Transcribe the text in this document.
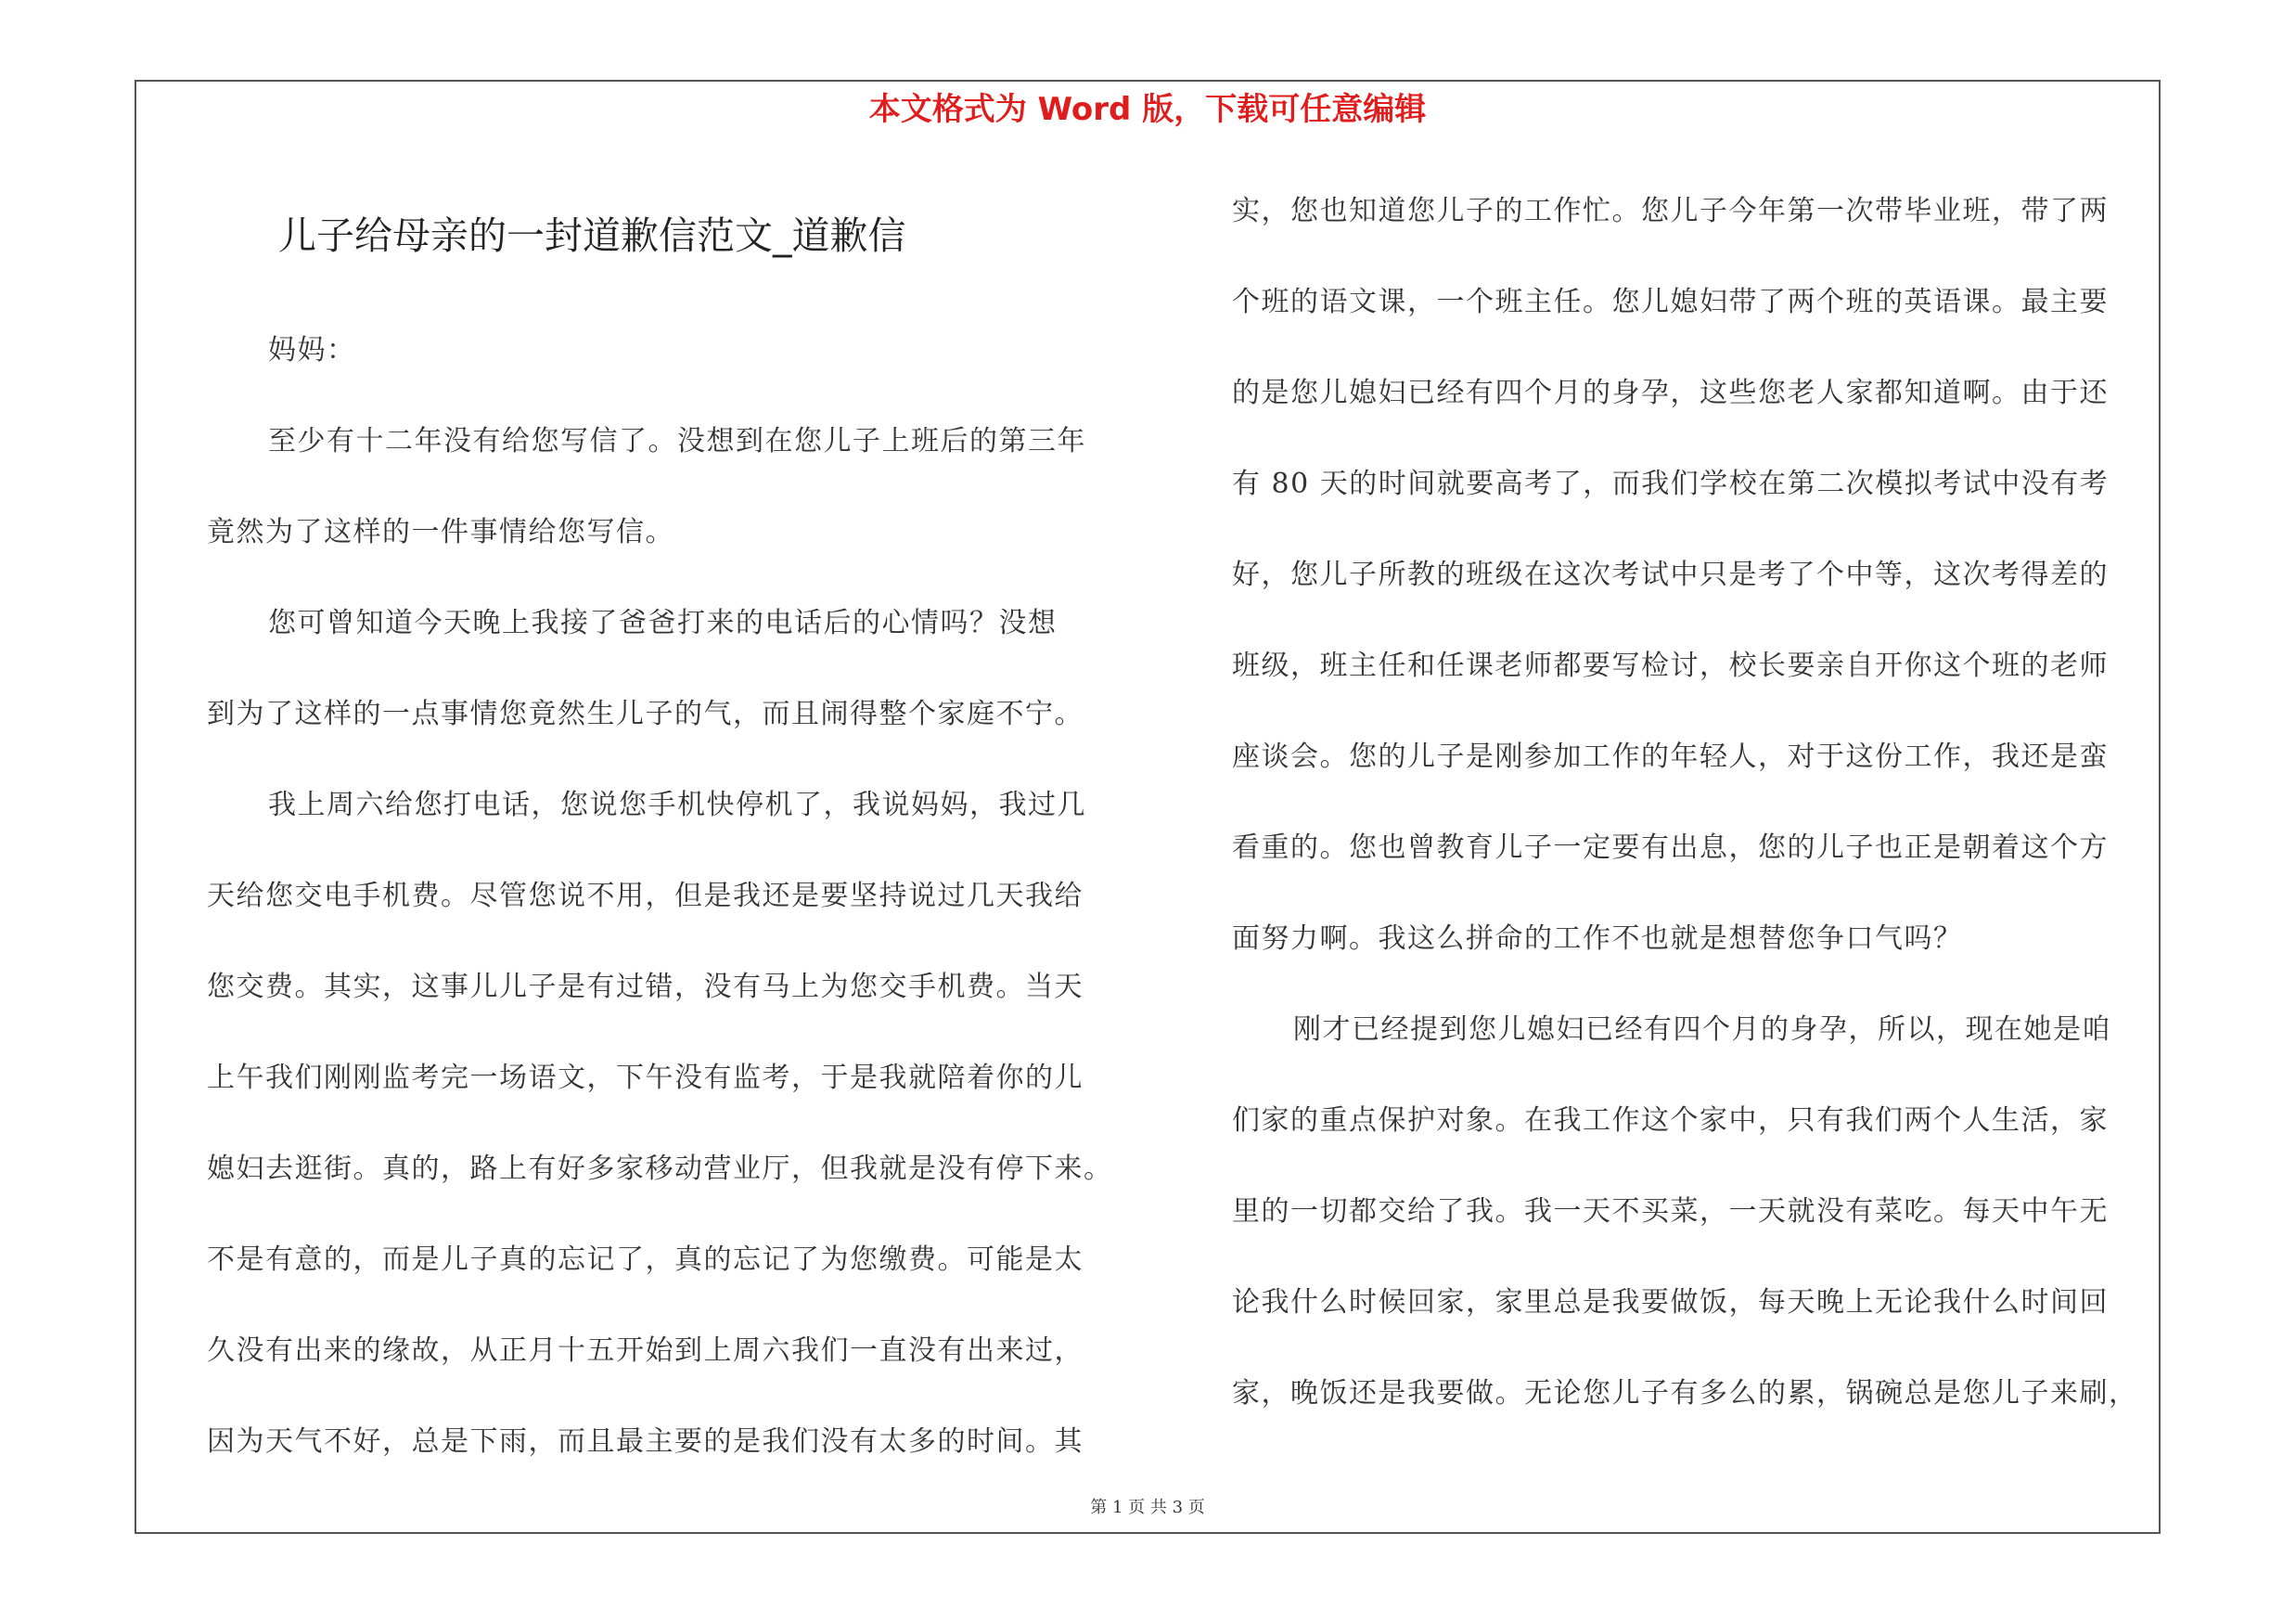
本文格式为 Word 版，下载可任意编辑
儿子给母亲的一封道歉信范文_道歉信
妈妈：
至少有十二年没有给您写信了。没想到在您儿子上班后的第三年
竟然为了这样的一件事情给您写信。
您可曾知道今天晚上我接了爸爸打来的电话后的心情吗？没想
到为了这样的一点事情您竟然生儿子的气，而且闹得整个家庭不宁。
我上周六给您打电话，您说您手机快停机了，我说妈妈，我过几
天给您交电手机费。尽管您说不用，但是我还是要坚持说过几天我给
您交费。其实，这事儿儿子是有过错，没有马上为您交手机费。当天
上午我们刚刚监考完一场语文，下午没有监考，于是我就陪着你的儿
媳妇去逛街。真的，路上有好多家移动营业厅，但我就是没有停下来。
不是有意的，而是儿子真的忘记了，真的忘记了为您缴费。可能是太
久没有出来的缘故，从正月十五开始到上周六我们一直没有出来过，
因为天气不好，总是下雨，而且最主要的是我们没有太多的时间。其
实，您也知道您儿子的工作忙。您儿子今年第一次带毕业班，带了两
个班的语文课，一个班主任。您儿媳妇带了两个班的英语课。最主要
的是您儿媳妇已经有四个月的身孕，这些您老人家都知道啊。由于还
有 80 天的时间就要高考了，而我们学校在第二次模拟考试中没有考
好，您儿子所教的班级在这次考试中只是考了个中等，这次考得差的
班级，班主任和任课老师都要写检讨，校长要亲自开你这个班的老师
座谈会。您的儿子是刚参加工作的年轻人，对于这份工作，我还是蛮
看重的。您也曾教育儿子一定要有出息，您的儿子也正是朝着这个方
面努力啊。我这么拼命的工作不也就是想替您争口气吗？
刚才已经提到您儿媳妇已经有四个月的身孕，所以，现在她是咱
们家的重点保护对象。在我工作这个家中，只有我们两个人生活，家
里的一切都交给了我。我一天不买菜，一天就没有菜吃。每天中午无
论我什么时候回家，家里总是我要做饭，每天晚上无论我什么时间回
家，晚饭还是我要做。无论您儿子有多么的累，锅碗总是您儿子来刷，
第 1 页 共 3 页
